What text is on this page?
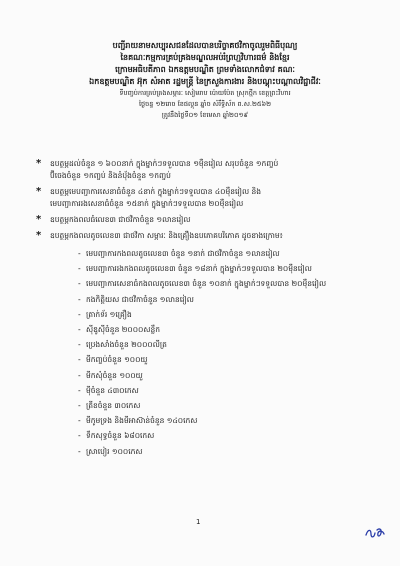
បញ្ជីរាយនាមសប្បុរសជនដែលបានបរិច្ចាគថវិកាចូលរួមពិធីបុណ្យ
នៃគណៈកម្មការគ្រប់គ្រងមណ្ឌលអប់រំព្រហ្មវិហារធម៌ និងខ្មែរ
ក្រោមអធិបតីភាព ឯកឧត្តមបណ្ឌិត ព្រមទាំងលោកជំទាវ គណៈ
ឯកឧត្តមបណ្ឌិត អ៊ុក សំអាត រដ្ឋមន្ត្រី នៃក្រសួងការងារ និងបណ្ដុះបណ្ដាលវិជ្ជាជីវៈ
ទីបញ្ចប់ការគ្រប់គ្រងសម្ភារៈ សៀមរាប ប៉ោយប៉ែត ស្រុកថ្មីក ខេត្តព្រះវិហារ
ថ្ងៃចន្ទ ១២រោច ខែផល្គុន ឆ្នាំច សំរឹទ្ធិស័ក ព.ស.២៥៦២
ត្រូវនឹងថ្ងៃទី០១ ខែមេសា ឆ្នាំ២០១៩
* ឧបត្ថម្ភដល់ចំនួន ១ ៦០០នាក់ ក្នុងម្នាក់ៗទទួលបាន ១ម៉ឺនរៀល សរុបចំនួន ១កញ្ចប់
ប៊ីចេងចំនួន ១កញ្ចប់ និងនំបុ័ងចំនួន ១កញ្ចប់
* ឧបត្ថម្ភមេបញ្ជាការសេនាធំចំនួន ៤នាក់ ក្នុងម្នាក់ៗទទួលបាន ៤០ម៉ឺនរៀល និង
មេបញ្ជាការរងសេនាធំចំនួន ១៥នាក់ ក្នុងម្នាក់ៗទទួលបាន ២០ម៉ឺនរៀល
* ឧបត្ថម្ភកងពលធំលេខ៣ ជាថវិកាចំនួន ១លានរៀល
* ឧបត្ថម្ភកងពលតូចលេខ៣ ជាថវិកា សម្ភារៈ និងគ្រឿងឧបភោគបរិភោគ ដូចខាងក្រោម៖
- មេបញ្ជាការកងពលតូចលេខ៣ ចំនួន ១នាក់ ជាថវិកាចំនួន ១លានរៀល
- មេបញ្ជាការរងកងពលតូចលេខ៣ ចំនួន ១៨នាក់ ក្នុងម្នាក់ៗទទួលបាន ២០ម៉ឺនរៀល
- មេបញ្ជាការសេនាធំកងពលតូចលេខ៣ ចំនួន ១០នាក់ ក្នុងម្នាក់ៗទទួលបាន ២០ម៉ឺនរៀល
- កងកិត្តិយស ជាថវិកាចំនួន ១លានរៀល
- ត្រាក់ទ័រ ១គ្រឿង
- ស៊ីឌូស៊ីចំនួន ២០០០សន្លឹក
- ប្រេងសាំងចំនួន ២០០០លីត្រ
- មីកញ្ចប់ចំនួន ១០០យួ
- មីកសុំចំនួន ១០០យួ
- ម៉ីចំនួន ៤៣០កេស
- ត្រីខចំនួន ៣០កេស
- មីកូមទ្រង និងមីអាស៊ាន់ចំនួន ១៤០កេស
- ទឹកសុទ្ធចំនួន ៦៨០កេស
- ស្រាបៀរ ១០០កេស
1
